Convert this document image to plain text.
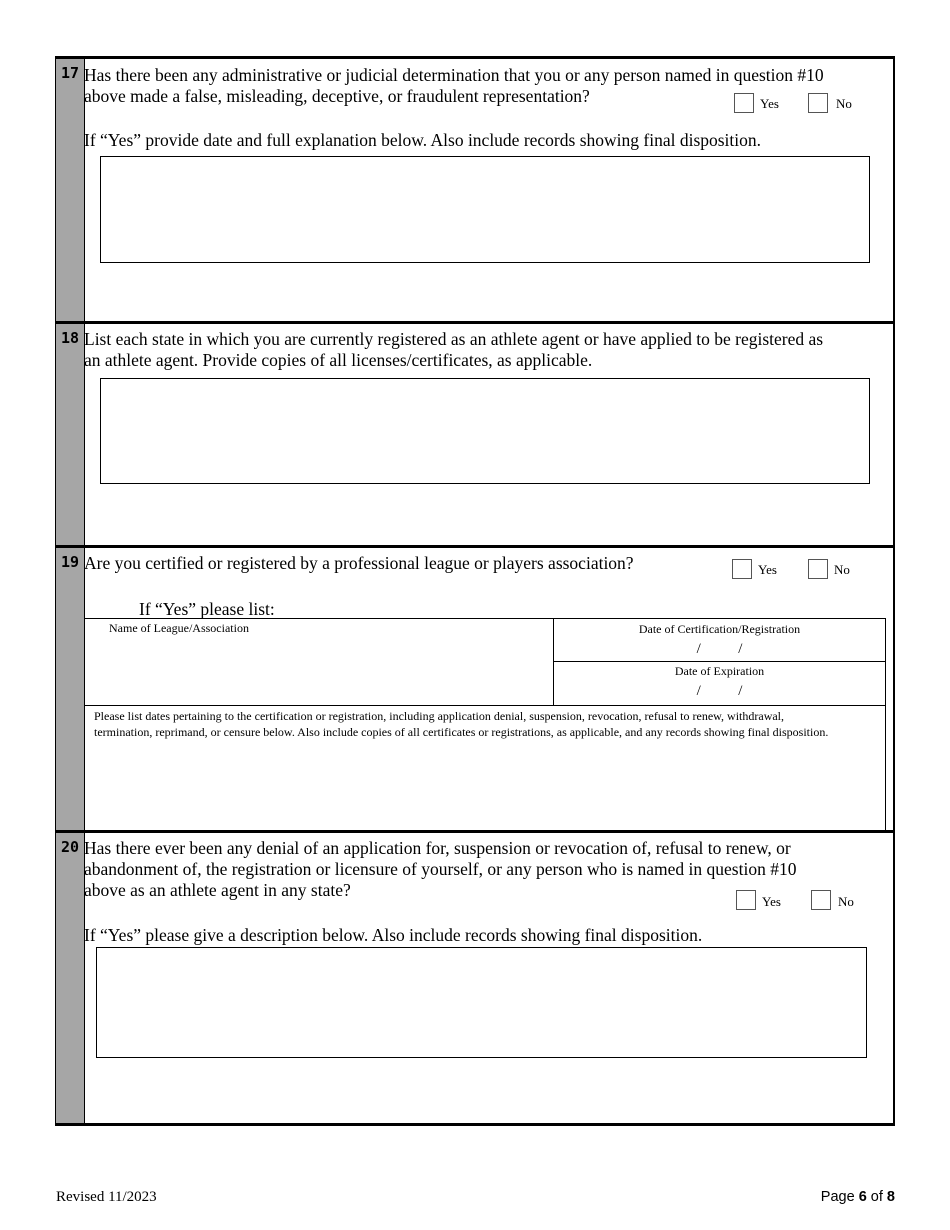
17 Has there been any administrative or judicial determination that you or any person named in question #10
above made a false, misleading, deceptive, or fraudulent representation?	Yes	No
If “Yes” provide date and full explanation below. Also include records showing final disposition.
18 List each state in which you are currently registered as an athlete agent or have applied to be registered as
an athlete agent. Provide copies of all licenses/certificates, as applicable.
19 Are you certified or registered by a professional league or players association?	Yes	No
If “Yes” please list:
Name of League/Association	Date of Certification/Registration
/          /
Date of Expiration
/          /
Please list dates pertaining to the certification or registration, including application denial, suspension, revocation, refusal to renew, withdrawal, termination, reprimand, or censure below. Also include copies of all certificates or registrations, as applicable, and any records showing final disposition.
20 Has there ever been any denial of an application for, suspension or revocation of, refusal to renew, or
abandonment of, the registration or licensure of yourself, or any person who is named in question #10
above as an athlete agent in any state?
Yes	No
If “Yes” please give a description below. Also include records showing final disposition.
Revised 11/2023	Page 6 of 8
